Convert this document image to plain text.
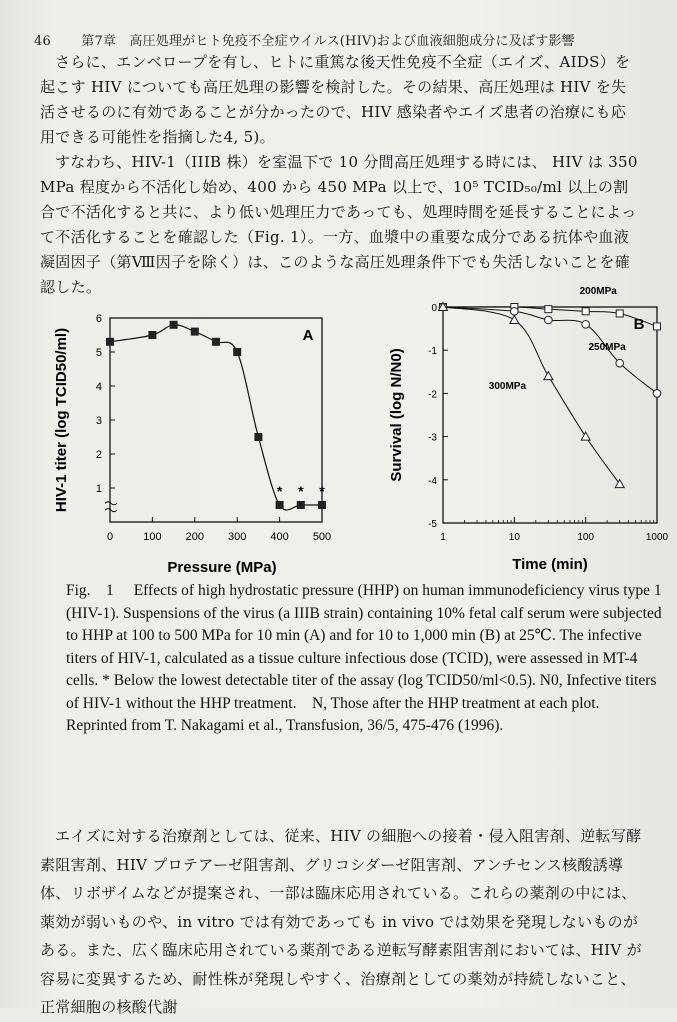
46 第7章　高圧処理がヒト免疫不全症ウイルス(HIV)および血液細胞成分に及ぼす影響
さらに、エンベロープを有し、ヒトに重篤な後天性免疫不全症（エイズ、AIDS）を起こす HIV についても高圧処理の影響を検討した。その結果、高圧処理は HIV を失活させるのに有効であることが分かったので、HIV 感染者やエイズ患者の治療にも応用できる可能性を指摘した4, 5)。
すなわち、HIV-1（IIIB 株）を室温下で 10 分間高圧処理する時には、 HIV は 350 MPa 程度から不活化し始め、400 から 450 MPa 以上で、10⁵ TCID₅₀/ml 以上の割合で不活化すると共に、より低い処理圧力であっても、処理時間を延長することによって不活化することを確認した（Fig. 1）。一方、血漿中の重要な成分である抗体や血液凝固因子（第Ⅷ因子を除く）は、このような高圧処理条件下でも失活しないことを確認した。
0	100 200 300 400 500
1
2
3
4
5
6
A
Pressure (MPa)
HIV-1 titer (log TCID50/ml)	* * *
1	10	100	1000
0
-1
-2
-3
-4
-5
B
Time (min)
Survival (log N/N0)
200MPa
250MPa
300MPa
Fig.　1 Effects of high hydrostatic pressure (HHP) on human immunodeficiency virus type 1 (HIV-1). Suspensions of the virus (a IIIB strain) containing 10% fetal calf serum were subjected to HHP at 100 to 500 MPa for 10 min (A) and for 10 to 1,000 min (B) at 25℃. The infective titers of HIV-1, calculated as a tissue culture infectious dose (TCID), were assessed in MT-4 cells. * Below the lowest detectable titer of the assay (log TCID50/ml<0.5). N0, Infective titers of HIV-1 without the HHP treatment.　N, Those after the HHP treatment at each plot.　Reprinted from T. Nakagami et al., Transfusion, 36/5, 475-476 (1996).
エイズに対する治療剤としては、従来、HIV の細胞への接着・侵入阻害剤、逆転写酵素阻害剤、HIV プロテアーゼ阻害剤、グリコシダーゼ阻害剤、アンチセンス核酸誘導体、リボザイムなどが提案され、一部は臨床応用されている。これらの薬剤の中には、薬効が弱いものや、in vitro では有効であっても in vivo では効果を発現しないものがある。また、広く臨床応用されている薬剤である逆転写酵素阻害剤においては、HIV が容易に変異するため、耐性株が発現しやすく、治療剤としての薬効が持続しないこと、正常細胞の核酸代謝
